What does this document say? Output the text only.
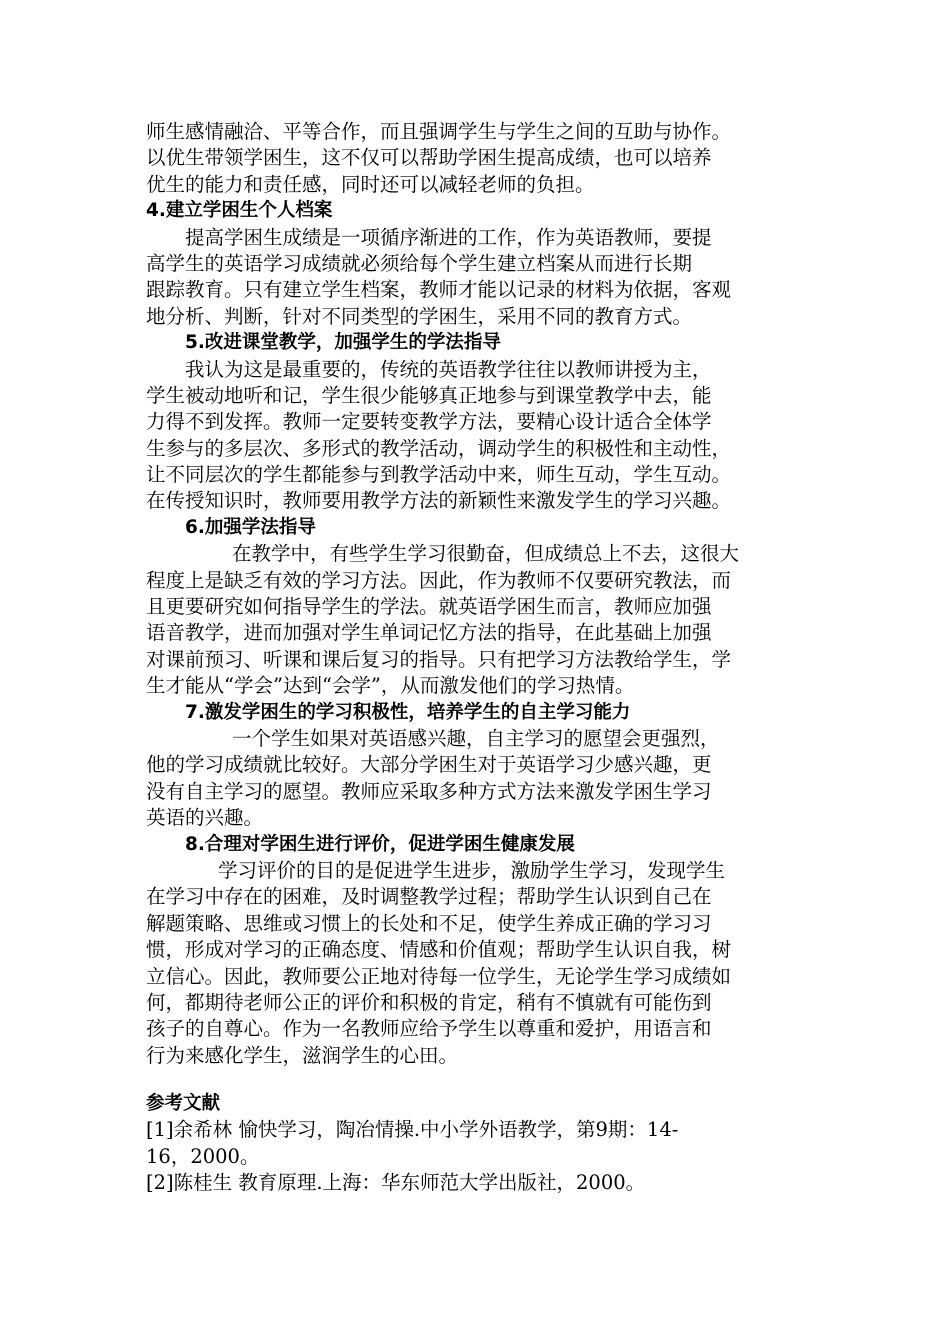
师生感情融洽、平等合作，而且强调学生与学生之间的互助与协作。
以优生带领学困生，这不仅可以帮助学困生提高成绩，也可以培养
优生的能力和责任感，同时还可以减轻老师的负担。

4.建立学困生个人档案

提高学困生成绩是一项循序渐进的工作，作为英语教师，要提
高学生的英语学习成绩就必须给每个学生建立档案从而进行长期
跟踪教育。只有建立学生档案，教师才能以记录的材料为依据，客观
地分析、判断，针对不同类型的学困生，采用不同的教育方式。

5.改进课堂教学，加强学生的学法指导

我认为这是最重要的，传统的英语教学往往以教师讲授为主，
学生被动地听和记，学生很少能够真正地参与到课堂教学中去，能
力得不到发挥。教师一定要转变教学方法，要精心设计适合全体学
生参与的多层次、多形式的教学活动，调动学生的积极性和主动性，
让不同层次的学生都能参与到教学活动中来，师生互动，学生互动。
在传授知识时，教师要用教学方法的新颖性来激发学生的学习兴趣。

6.加强学法指导

在教学中，有些学生学习很勤奋，但成绩总上不去，这很大
程度上是缺乏有效的学习方法。因此，作为教师不仅要研究教法，而
且更要研究如何指导学生的学法。就英语学困生而言，教师应加强
语音教学，进而加强对学生单词记忆方法的指导，在此基础上加强
对课前预习、听课和课后复习的指导。只有把学习方法教给学生，学
生才能从“学会”达到“会学”，从而激发他们的学习热情。

7.激发学困生的学习积极性，培养学生的自主学习能力

一个学生如果对英语感兴趣，自主学习的愿望会更强烈，
他的学习成绩就比较好。大部分学困生对于英语学习少感兴趣，更
没有自主学习的愿望。教师应采取多种方式方法来激发学困生学习
英语的兴趣。

8.合理对学困生进行评价，促进学困生健康发展

学习评价的目的是促进学生进步，激励学生学习，发现学生
在学习中存在的困难，及时调整教学过程；帮助学生认识到自己在
解题策略、思维或习惯上的长处和不足，使学生养成正确的学习习
惯，形成对学习的正确态度、情感和价值观；帮助学生认识自我，树
立信心。因此，教师要公正地对待每一位学生，无论学生学习成绩如
何，都期待老师公正的评价和积极的肯定，稍有不慎就有可能伤到
孩子的自尊心。作为一名教师应给予学生以尊重和爱护，用语言和
行为来感化学生，滋润学生的心田。

参考文献

[1]余希林 愉快学习，陶冶情操.中小学外语教学，第9期：14-
16，2000。
[2]陈桂生 教育原理.上海：华东师范大学出版社，2000。
